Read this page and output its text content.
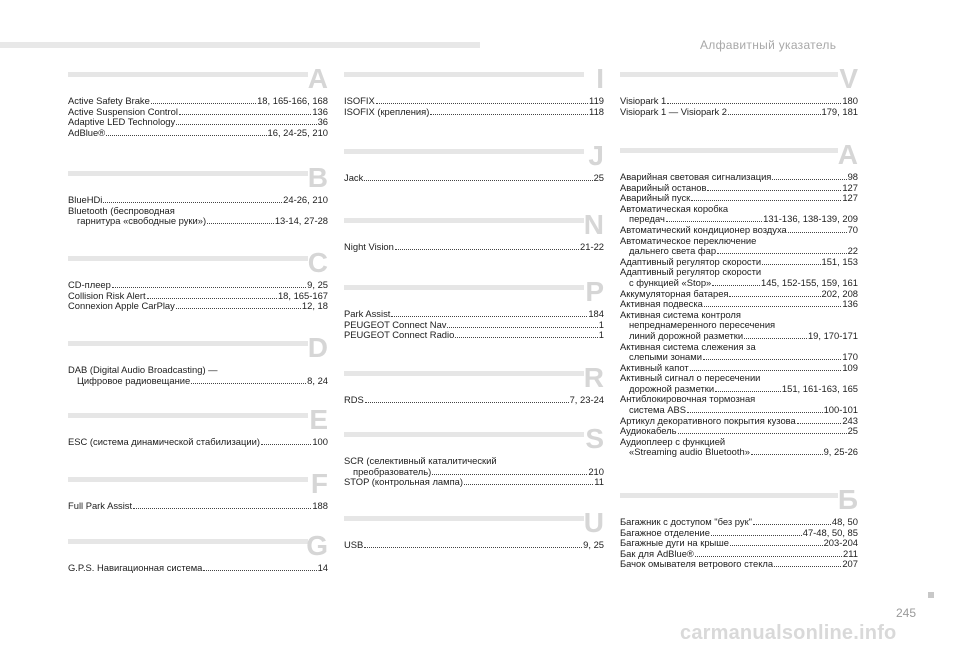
Алфавитный указатель
A
Active Safety Brake	18, 165-166, 168
Active Suspension Control	136
Adaptive LED Technology	36
AdBlue®	16, 24-25, 210
B
BlueHDi	24-26, 210
Bluetooth (беспроводная
гарнитура «свободные руки»)	13-14, 27-28
C
CD-плеер	9, 25
Collision Risk Alert	18, 165-167
Connexion Apple CarPlay	12, 18
D
DAB (Digital Audio Broadcasting) —
Цифровое радиовещание	8, 24
E
ESC (система динамической стабилизации)	100
F
Full Park Assist	188
G
G.P.S. Навигационная система	14
I
ISOFIX	119
ISOFIX (крепления)	118
J
Jack	25
N
Night Vision	21-22
P
Park Assist	184
PEUGEOT Connect Nav	1
PEUGEOT Connect Radio	1
R
RDS	7, 23-24
S
SCR (селективный каталитический
преобразователь)	210
STOP (контрольная лампа)	11
U
USB	9, 25
V
Visiopark 1	180
Visiopark 1 — Visiopark 2	179, 181
А
Аварийная световая сигнализация	98
Аварийный останов	127
Аварийный пуск	127
Автоматическая коробка
передач	131-136, 138-139, 209
Автоматический кондиционер воздуха	70
Автоматическое переключение
дальнего света фар	22
Адаптивный регулятор скорости	151, 153
Адаптивный регулятор скорости
с функцией «Stop»	145, 152-155, 159, 161
Аккумуляторная батарея	202, 208
Активная подвеска	136
Активная система контроля
непреднамеренного пересечения
линий дорожной разметки	19, 170-171
Активная система слежения за
слепыми зонами	170
Активный капот	109
Активный сигнал о пересечении
дорожной разметки	151, 161-163, 165
Антиблокировочная тормозная
система ABS	100-101
Артикул декоративного покрытия кузова	243
Аудиокабель	25
Аудиоплеер с функцией
«Streaming audio Bluetooth»	9, 25-26
Б
Багажник с доступом "без рук"	48, 50
Багажное отделение	47-48, 50, 85
Багажные дуги на крыше	203-204
Бак для AdBlue®	211
Бачок омывателя ветрового стекла	207
245
carmanualsonline.info
